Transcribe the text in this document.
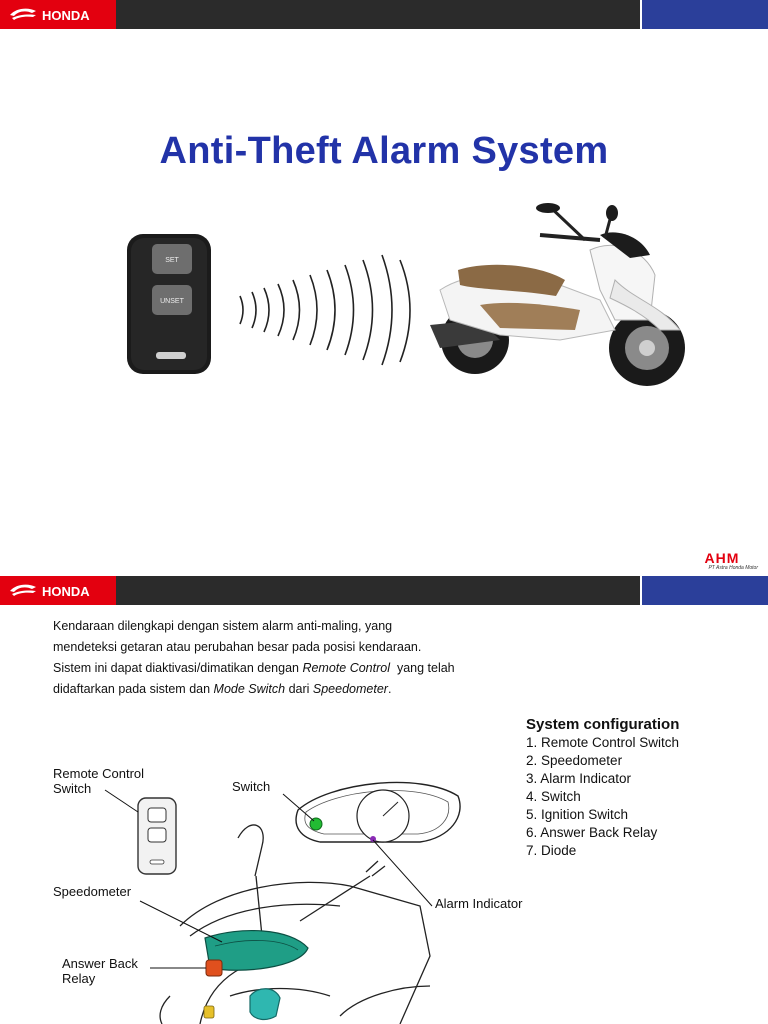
HONDA
Anti-Theft Alarm System
SET
UNSET
AHM
PT Astra Honda Motor
HONDA

Kendaraan dilengkapi dengan sistem alarm anti-maling, yang

mendeteksi getaran atau perubahan besar pada posisi kendaraan.

Sistem ini dapat diaktivasi/dimatikan dengan Remote Control  yang telah

didaftarkan pada sistem dan Mode Switch dari Speedometer.

System configuration
1. Remote Control Switch
2. Speedometer
3. Alarm Indicator
4. Switch
5. Ignition Switch
6. Answer Back Relay
7. Diode
Remote Control
Switch	Switch
Speedometer
Alarm Indicator
Answer Back
Relay
